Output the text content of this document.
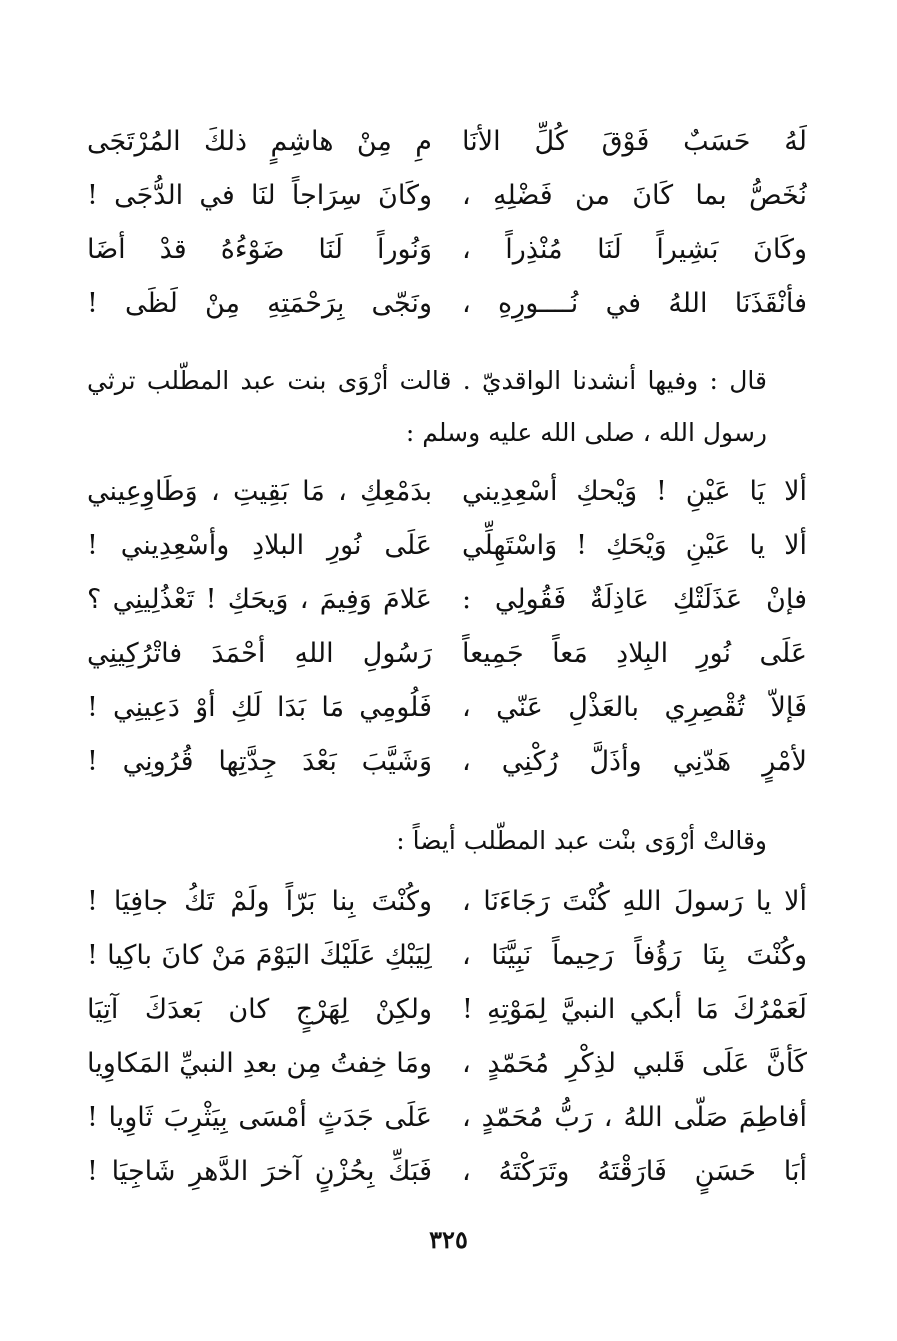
لَهُ حَسَبٌ فَوْقَ كُلِّ الأنَا
مِ مِنْ هاشِمٍ ذلكَ المُرْتَجَى
نُخَصُّ بما كَانَ من فَضْلِهِ ،
وكَانَ سِرَاجاً لنَا في الدُّجَى !
وكَانَ بَشِيراً لَنَا مُنْذِراً ،
وَنُوراً لَنَا ضَوْءُهُ قدْ أضَا
فأنْقَذَنَا اللهُ في نُــــورِهِ ،
ونَجّى بِرَحْمَتِهِ مِنْ لَظَى !
قال : وفيها أنشدنا الواقديّ . قالت أرْوَى بنت عبد المطّلب ترثي رسول الله ، صلى الله عليه وسلم :
ألا يَا عَيْنِ ! وَيْحكِ أسْعِدِيني
بدَمْعِكِ ، مَا بَقِيتِ ، وَطَاوِعِيني
ألا يا عَيْنِ وَيْحَكِ ! وَاسْتَهِلِّي
عَلَى نُورِ البلادِ وأسْعِدِيني !
فإنْ عَذَلَتْكِ عَاذِلَةٌ فَقُولِي :
عَلامَ وَفِيمَ ، وَيحَكِ ! تَعْذُلِينِي ؟
عَلَى نُورِ البِلادِ مَعاً جَمِيعاً
رَسُولِ اللهِ أحْمَدَ فاتْرُكِينِي
فَإلاّ تُقْصِرِي بالعَذْلِ عَنّي ،
فَلُومِي مَا بَدَا لَكِ أوْ دَعِينِي !
لأمْرٍ هَدّنِي وأذَلَّ رُكْنِي ،
وَشَيَّبَ بَعْدَ جِدَّتِها قُرُونِي !
وقالتْ أرْوَى بنْت عبد المطّلب أيضاً :
ألا يا رَسولَ اللهِ كُنْتَ رَجَاءَنَا ،
وكُنْتَ بِنا بَرّاً ولَمْ تَكُ جافِيَا !
وكُنْتَ بِنَا رَؤُفاً رَحِيماً نَبِيَّنَا ،
لِيَبْكِ عَلَيْكَ اليَوْمَ مَنْ كانَ باكِيا !
لَعَمْرُكَ مَا أبكي النبيَّ لِمَوْتِهِ !
ولكِنْ لِهَرْجٍ كان بَعدَكَ آتِيَا
كَأنَّ عَلَى قَلبي لذِكْرِ مُحَمّدٍ ،
ومَا خِفتُ مِن بعدِ النبيِّ المَكاوِيا
أفاطِمَ صَلّى اللهُ ، رَبُّ مُحَمّدٍ ،
عَلَى جَدَثٍ أمْسَى بِيَثْرِبَ ثَاوِيا !
أبَا حَسَنٍ فَارَقْتَهُ وتَرَكْتَهُ ،
فَبَكِّ بِحُزْنٍ آخرَ الدَّهرِ شَاجِيَا !
٣٢٥
